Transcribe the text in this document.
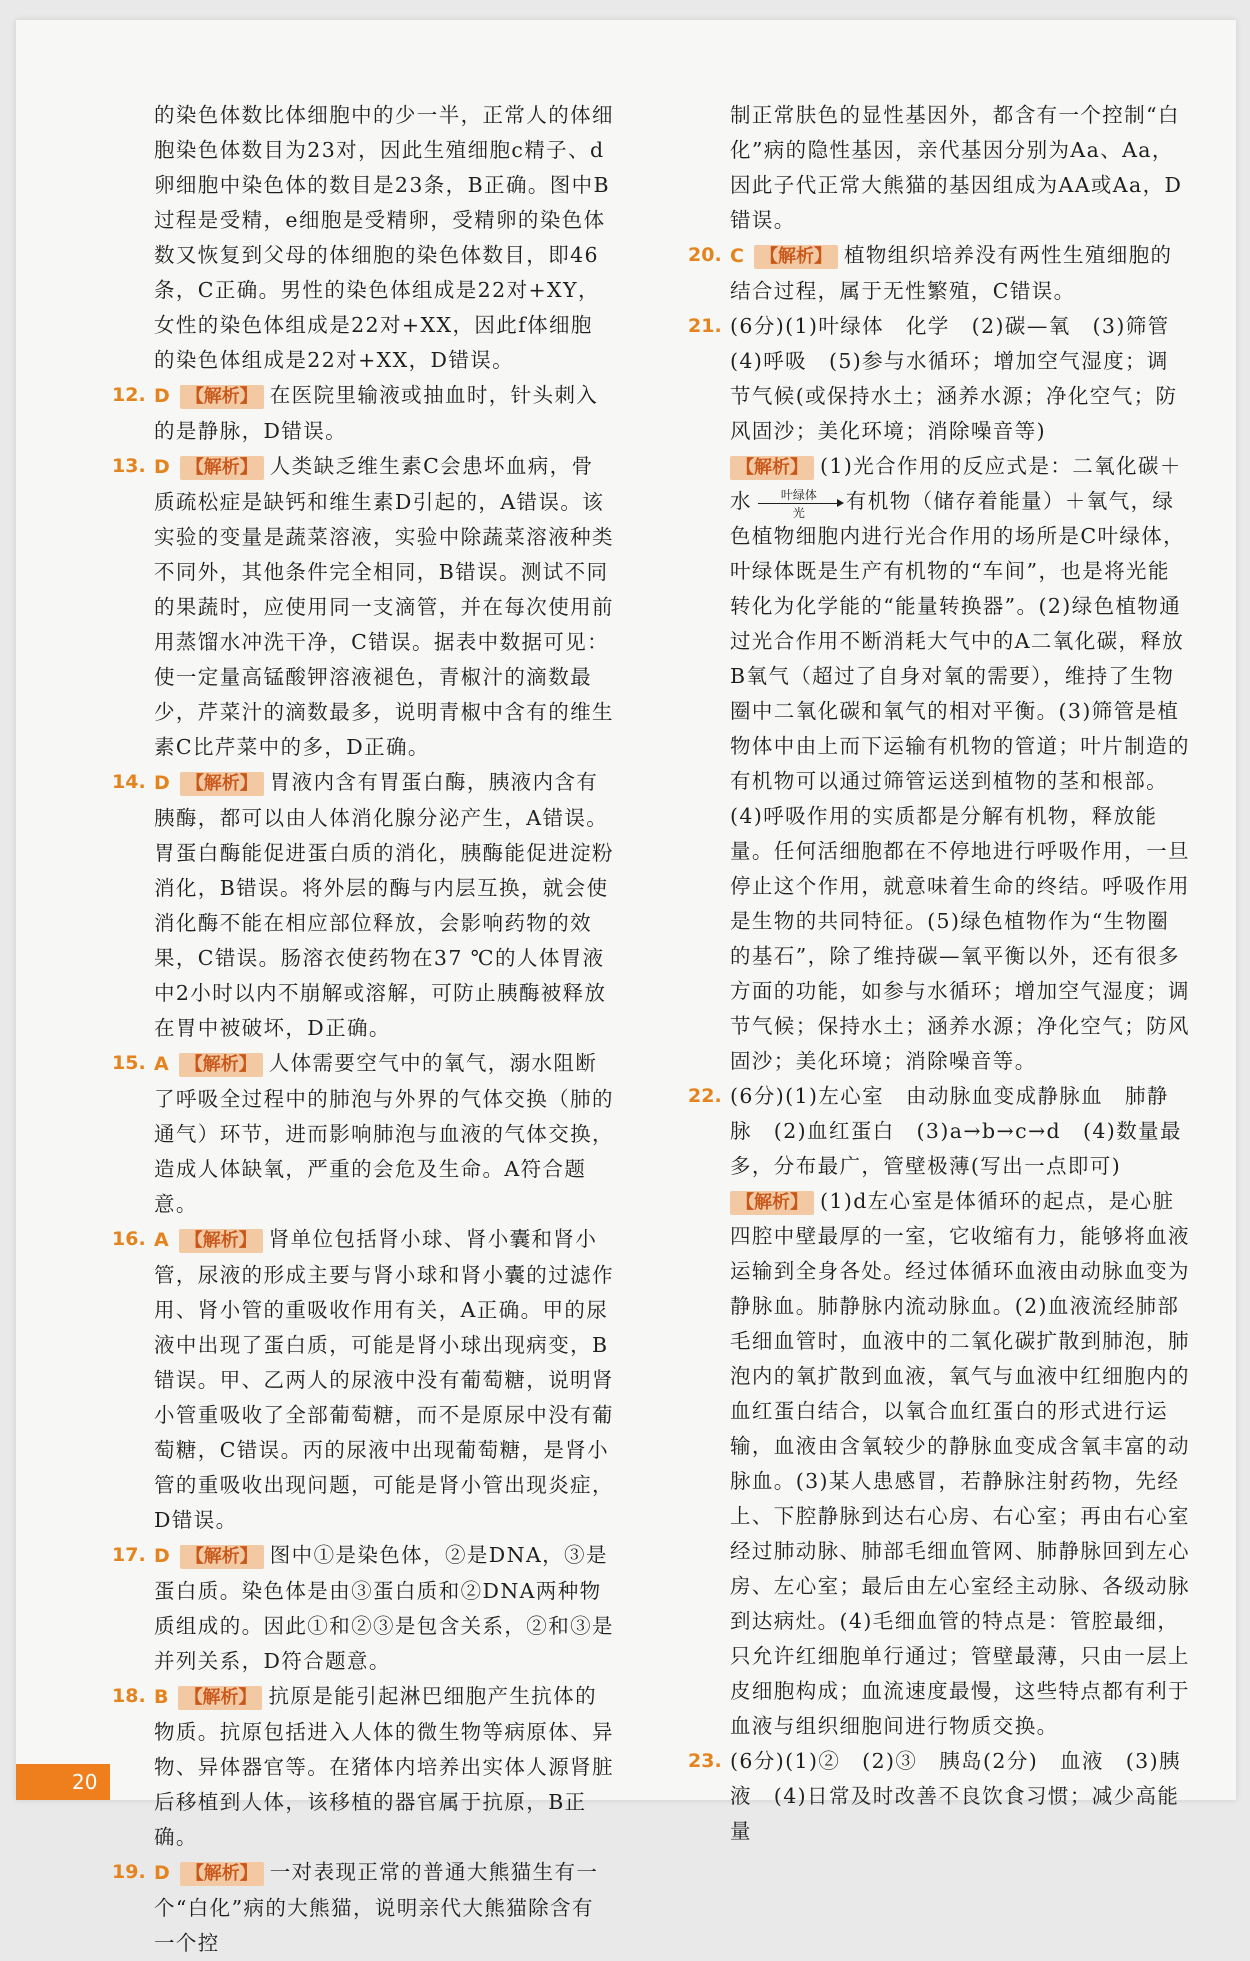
的染色体数比体细胞中的少一半，正常人的体细胞染色体数目为23对，因此生殖细胞c精子、d卵细胞中染色体的数目是23条，B正确。图中B过程是受精，e细胞是受精卵，受精卵的染色体数又恢复到父母的体细胞的染色体数目，即46条，C正确。男性的染色体组成是22对+XY，女性的染色体组成是22对+XX，因此f体细胞的染色体组成是22对+XX，D错误。
12. D 【 解析 】 在医院里输液或抽血时，针头刺入的是静脉，D错误。
13. D 【 解析 】 人类缺乏维生素C会患坏血病，骨质疏松症是缺钙和维生素D引起的，A错误。该实验的变量是蔬菜溶液，实验中除蔬菜溶液种类不同外，其他条件完全相同，B错误。测试不同的果蔬时，应使用同一支滴管，并在每次使用前用蒸馏水冲洗干净，C错误。据表中数据可见：使一定量高锰酸钾溶液褪色，青椒汁的滴数最少，芹菜汁的滴数最多，说明青椒中含有的维生素C比芹菜中的多，D正确。
14. D 【 解析 】 胃液内含有胃蛋白酶，胰液内含有胰酶，都可以由人体消化腺分泌产生，A错误。胃蛋白酶能促进蛋白质的消化，胰酶能促进淀粉消化，B错误。将外层的酶与内层互换，就会使消化酶不能在相应部位释放，会影响药物的效果，C错误。肠溶衣使药物在37 ℃的人体胃液中2小时以内不崩解或溶解，可防止胰酶被释放在胃中被破坏，D正确。
15. A 【 解析 】 人体需要空气中的氧气，溺水阻断了呼吸全过程中的肺泡与外界的气体交换（肺的通气）环节，进而影响肺泡与血液的气体交换，造成人体缺氧，严重的会危及生命。A符合题意。
16. A 【 解析 】 肾单位包括肾小球、肾小囊和肾小管，尿液的形成主要与肾小球和肾小囊的过滤作用、肾小管的重吸收作用有关，A正确。甲的尿液中出现了蛋白质，可能是肾小球出现病变，B错误。甲、乙两人的尿液中没有葡萄糖，说明肾小管重吸收了全部葡萄糖，而不是原尿中没有葡萄糖，C错误。丙的尿液中出现葡萄糖，是肾小管的重吸收出现问题，可能是肾小管出现炎症，D错误。
17. D 【 解析 】 图中①是染色体，②是DNA，③是蛋白质。染色体是由③蛋白质和②DNA两种物质组成的。因此①和②③是包含关系，②和③是并列关系，D符合题意。
18. B 【 解析 】 抗原是能引起淋巴细胞产生抗体的物质。抗原包括进入人体的微生物等病原体、异物、异体器官等。在猪体内培养出实体人源肾脏后移植到人体，该移植的器官属于抗原，B正确。
19. D 【 解析 】 一对表现正常的普通大熊猫生有一个“白化”病的大熊猫，说明亲代大熊猫除含有一个控
制正常肤色的显性基因外，都含有一个控制“白化”病的隐性基因，亲代基因分别为Aa、Aa，因此子代正常大熊猫的基因组成为AA或Aa，D错误。
20. C 【 解析 】 植物组织培养没有两性生殖细胞的结合过程，属于无性繁殖，C错误。
21. (6分)(1)叶绿体　化学　(2)碳—氧　(3)筛管　(4)呼吸　(5)参与水循环；增加空气湿度；调节气候(或保持水土；涵养水源；净化空气；防风固沙；美化环境；消除噪音等)
【 解析 】 (1)光合作用的反应式是：二氧化碳＋水	叶绿体
光	有机物（储存着能量）＋氧气，绿色植物细胞内进行光合作用的场所是C叶绿体，叶绿体既是生产有机物的“车间”，也是将光能转化为化学能的“能量转换器”。(2)绿色植物通过光合作用不断消耗大气中的A二氧化碳，释放B氧气（超过了自身对氧的需要），维持了生物圈中二氧化碳和氧气的相对平衡。(3)筛管是植物体中由上而下运输有机物的管道；叶片制造的有机物可以通过筛管运送到植物的茎和根部。(4)呼吸作用的实质都是分解有机物，释放能量。任何活细胞都在不停地进行呼吸作用，一旦停止这个作用，就意味着生命的终结。呼吸作用是生物的共同特征。(5)绿色植物作为“生物圈的基石”，除了维持碳—氧平衡以外，还有很多方面的功能，如参与水循环；增加空气湿度；调节气候；保持水土；涵养水源；净化空气；防风固沙；美化环境；消除噪音等。
22. (6分)(1)左心室　由动脉血变成静脉血　肺静脉　(2)血红蛋白　(3)a→b→c→d　(4)数量最多，分布最广，管壁极薄(写出一点即可)
【 解析 】 (1)d左心室是体循环的起点，是心脏四腔中壁最厚的一室，它收缩有力，能够将血液运输到全身各处。经过体循环血液由动脉血变为静脉血。肺静脉内流动脉血。(2)血液流经肺部毛细血管时，血液中的二氧化碳扩散到肺泡，肺泡内的氧扩散到血液，氧气与血液中红细胞内的血红蛋白结合，以氧合血红蛋白的形式进行运输，血液由含氧较少的静脉血变成含氧丰富的动脉血。(3)某人患感冒，若静脉注射药物，先经上、下腔静脉到达右心房、右心室；再由右心室经过肺动脉、肺部毛细血管网、肺静脉回到左心房、左心室；最后由左心室经主动脉、各级动脉到达病灶。(4)毛细血管的特点是：管腔最细，只允许红细胞单行通过；管壁最薄，只由一层上皮细胞构成；血流速度最慢，这些特点都有利于血液与组织细胞间进行物质交换。
23. (6分)(1)②　(2)③　胰岛(2分)　血液　(3)胰液　(4)日常及时改善不良饮食习惯；减少高能量
20
